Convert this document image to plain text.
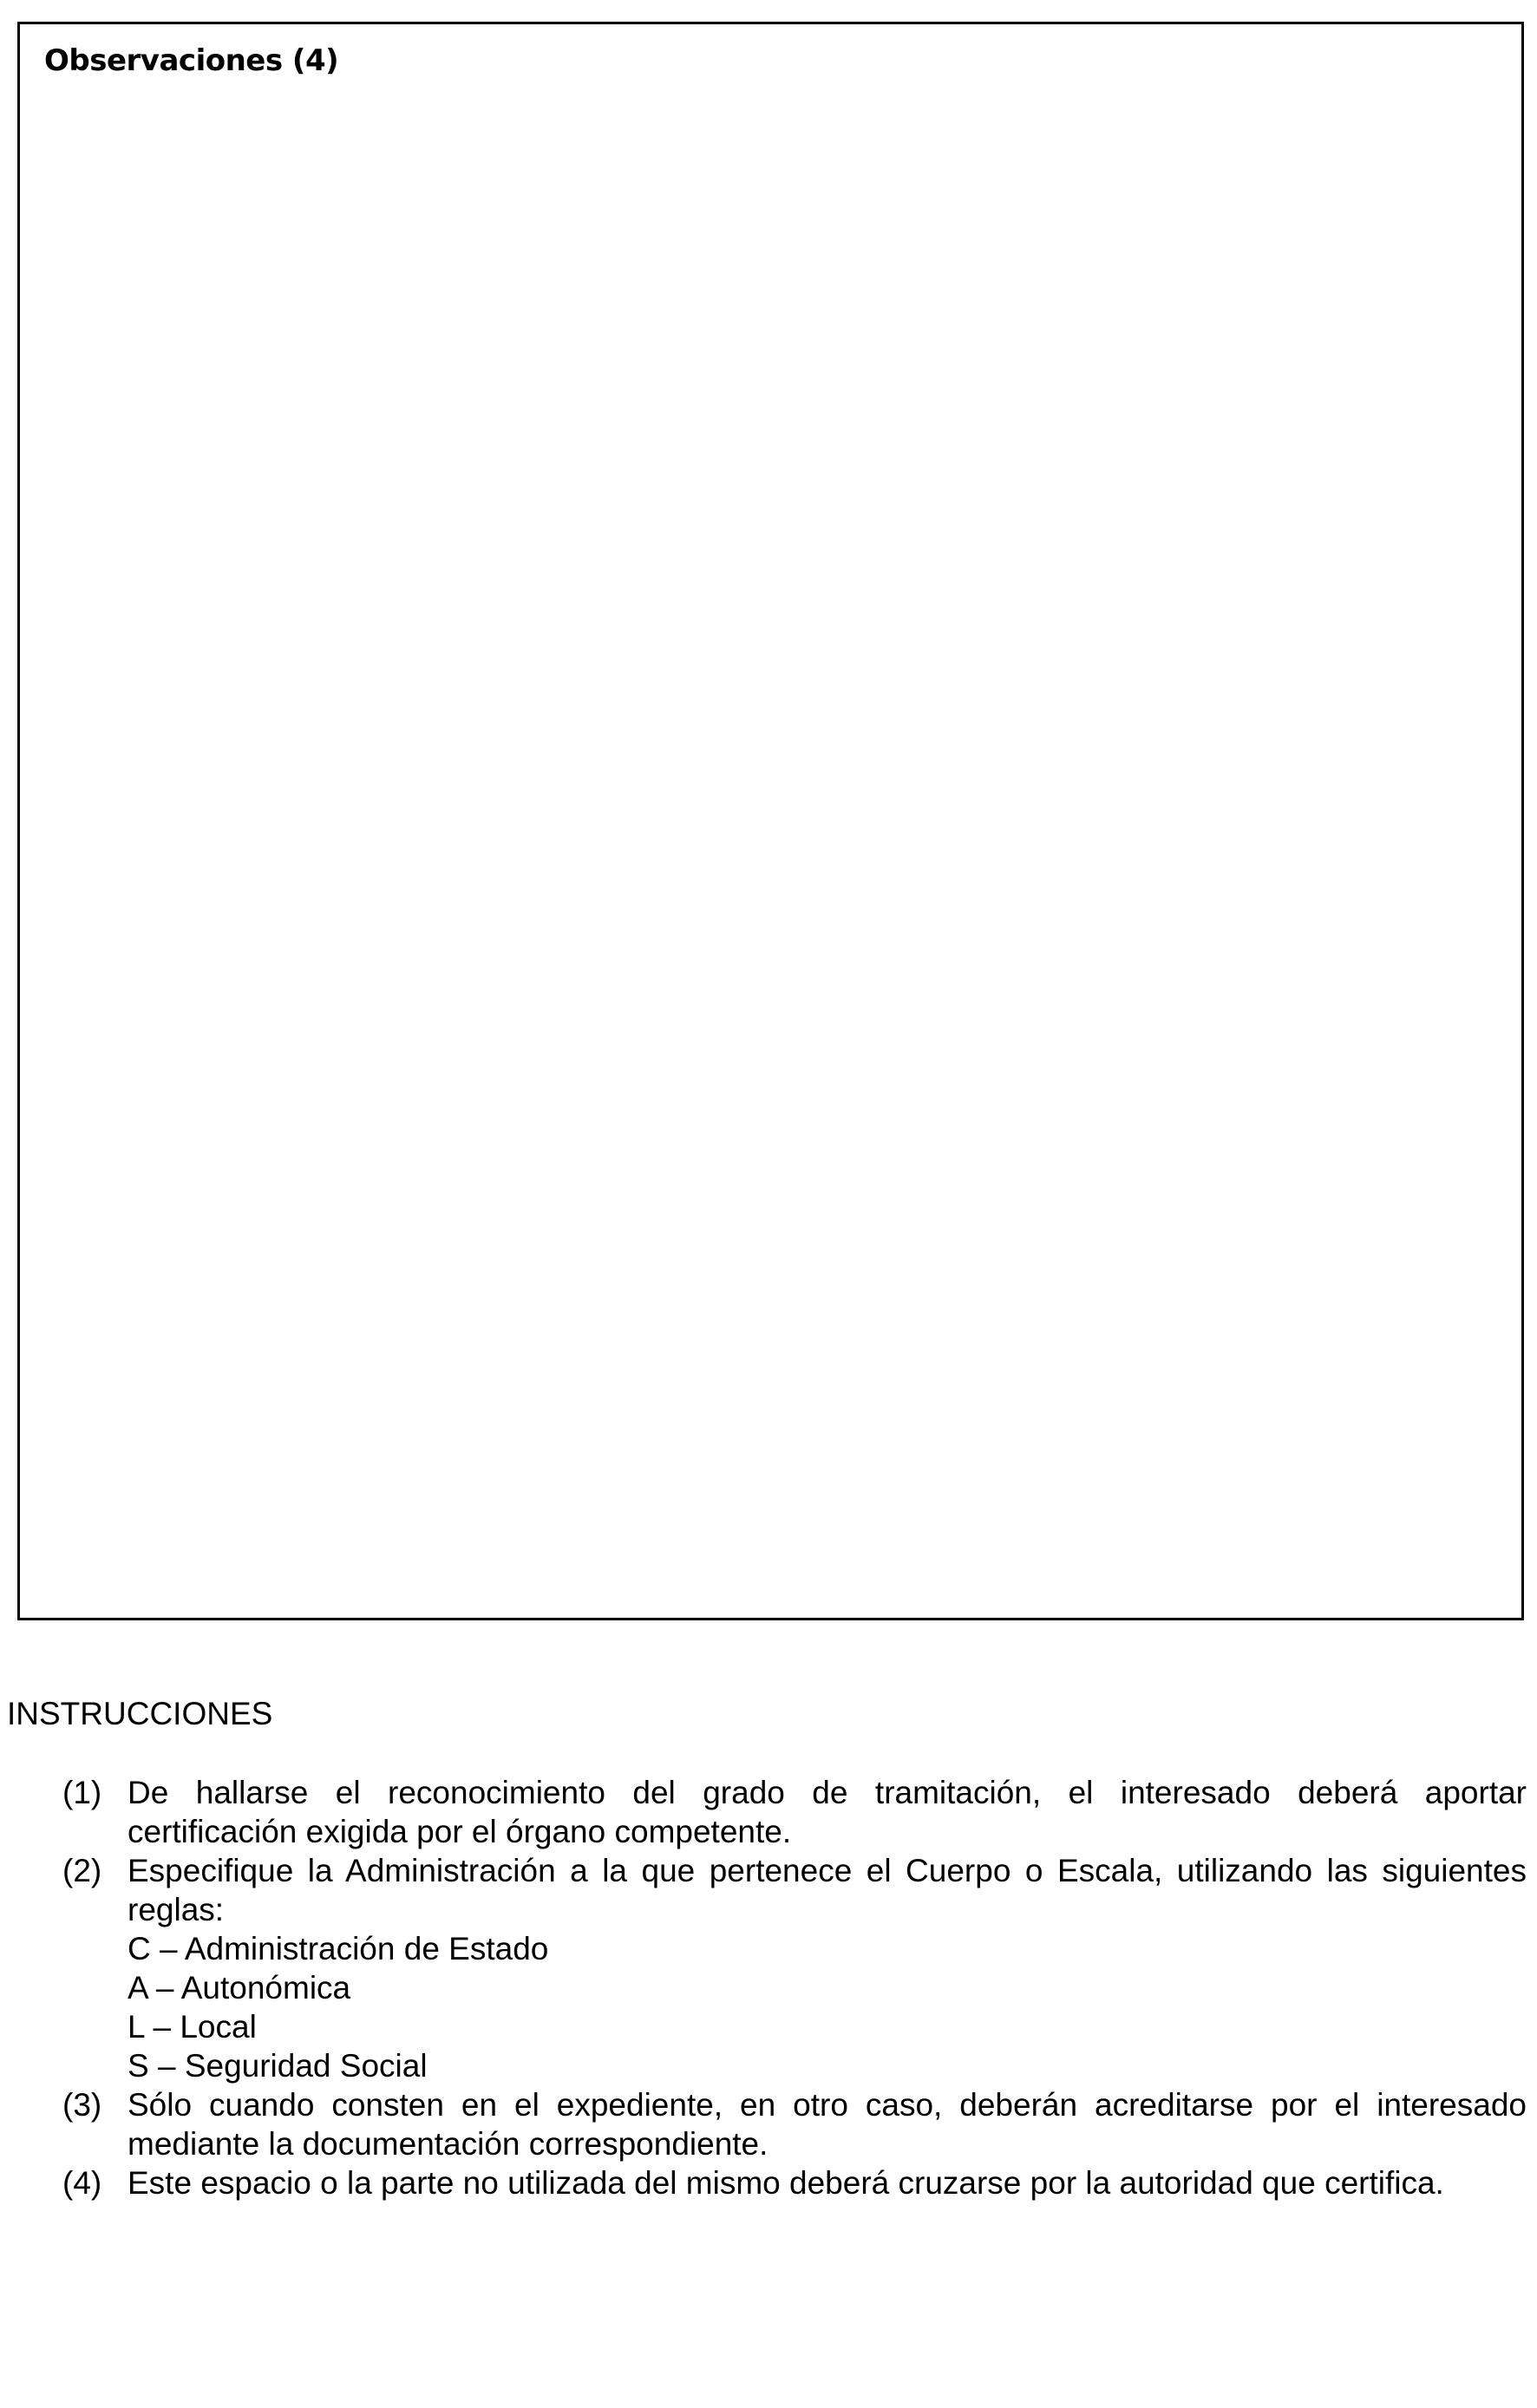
Observaciones (4)
INSTRUCCIONES
(1) De hallarse el reconocimiento del grado de tramitación, el interesado deberá aportar
certificación exigida por el órgano competente.
(2) Especifique la Administración a la que pertenece el Cuerpo o Escala, utilizando las siguientes
reglas:
C – Administración de Estado
A – Autonómica
L – Local
S – Seguridad Social
(3) Sólo cuando consten en el expediente, en otro caso, deberán acreditarse por el interesado
mediante la documentación correspondiente.
(4) Este espacio o la parte no utilizada del mismo deberá cruzarse por la autoridad que certifica.
